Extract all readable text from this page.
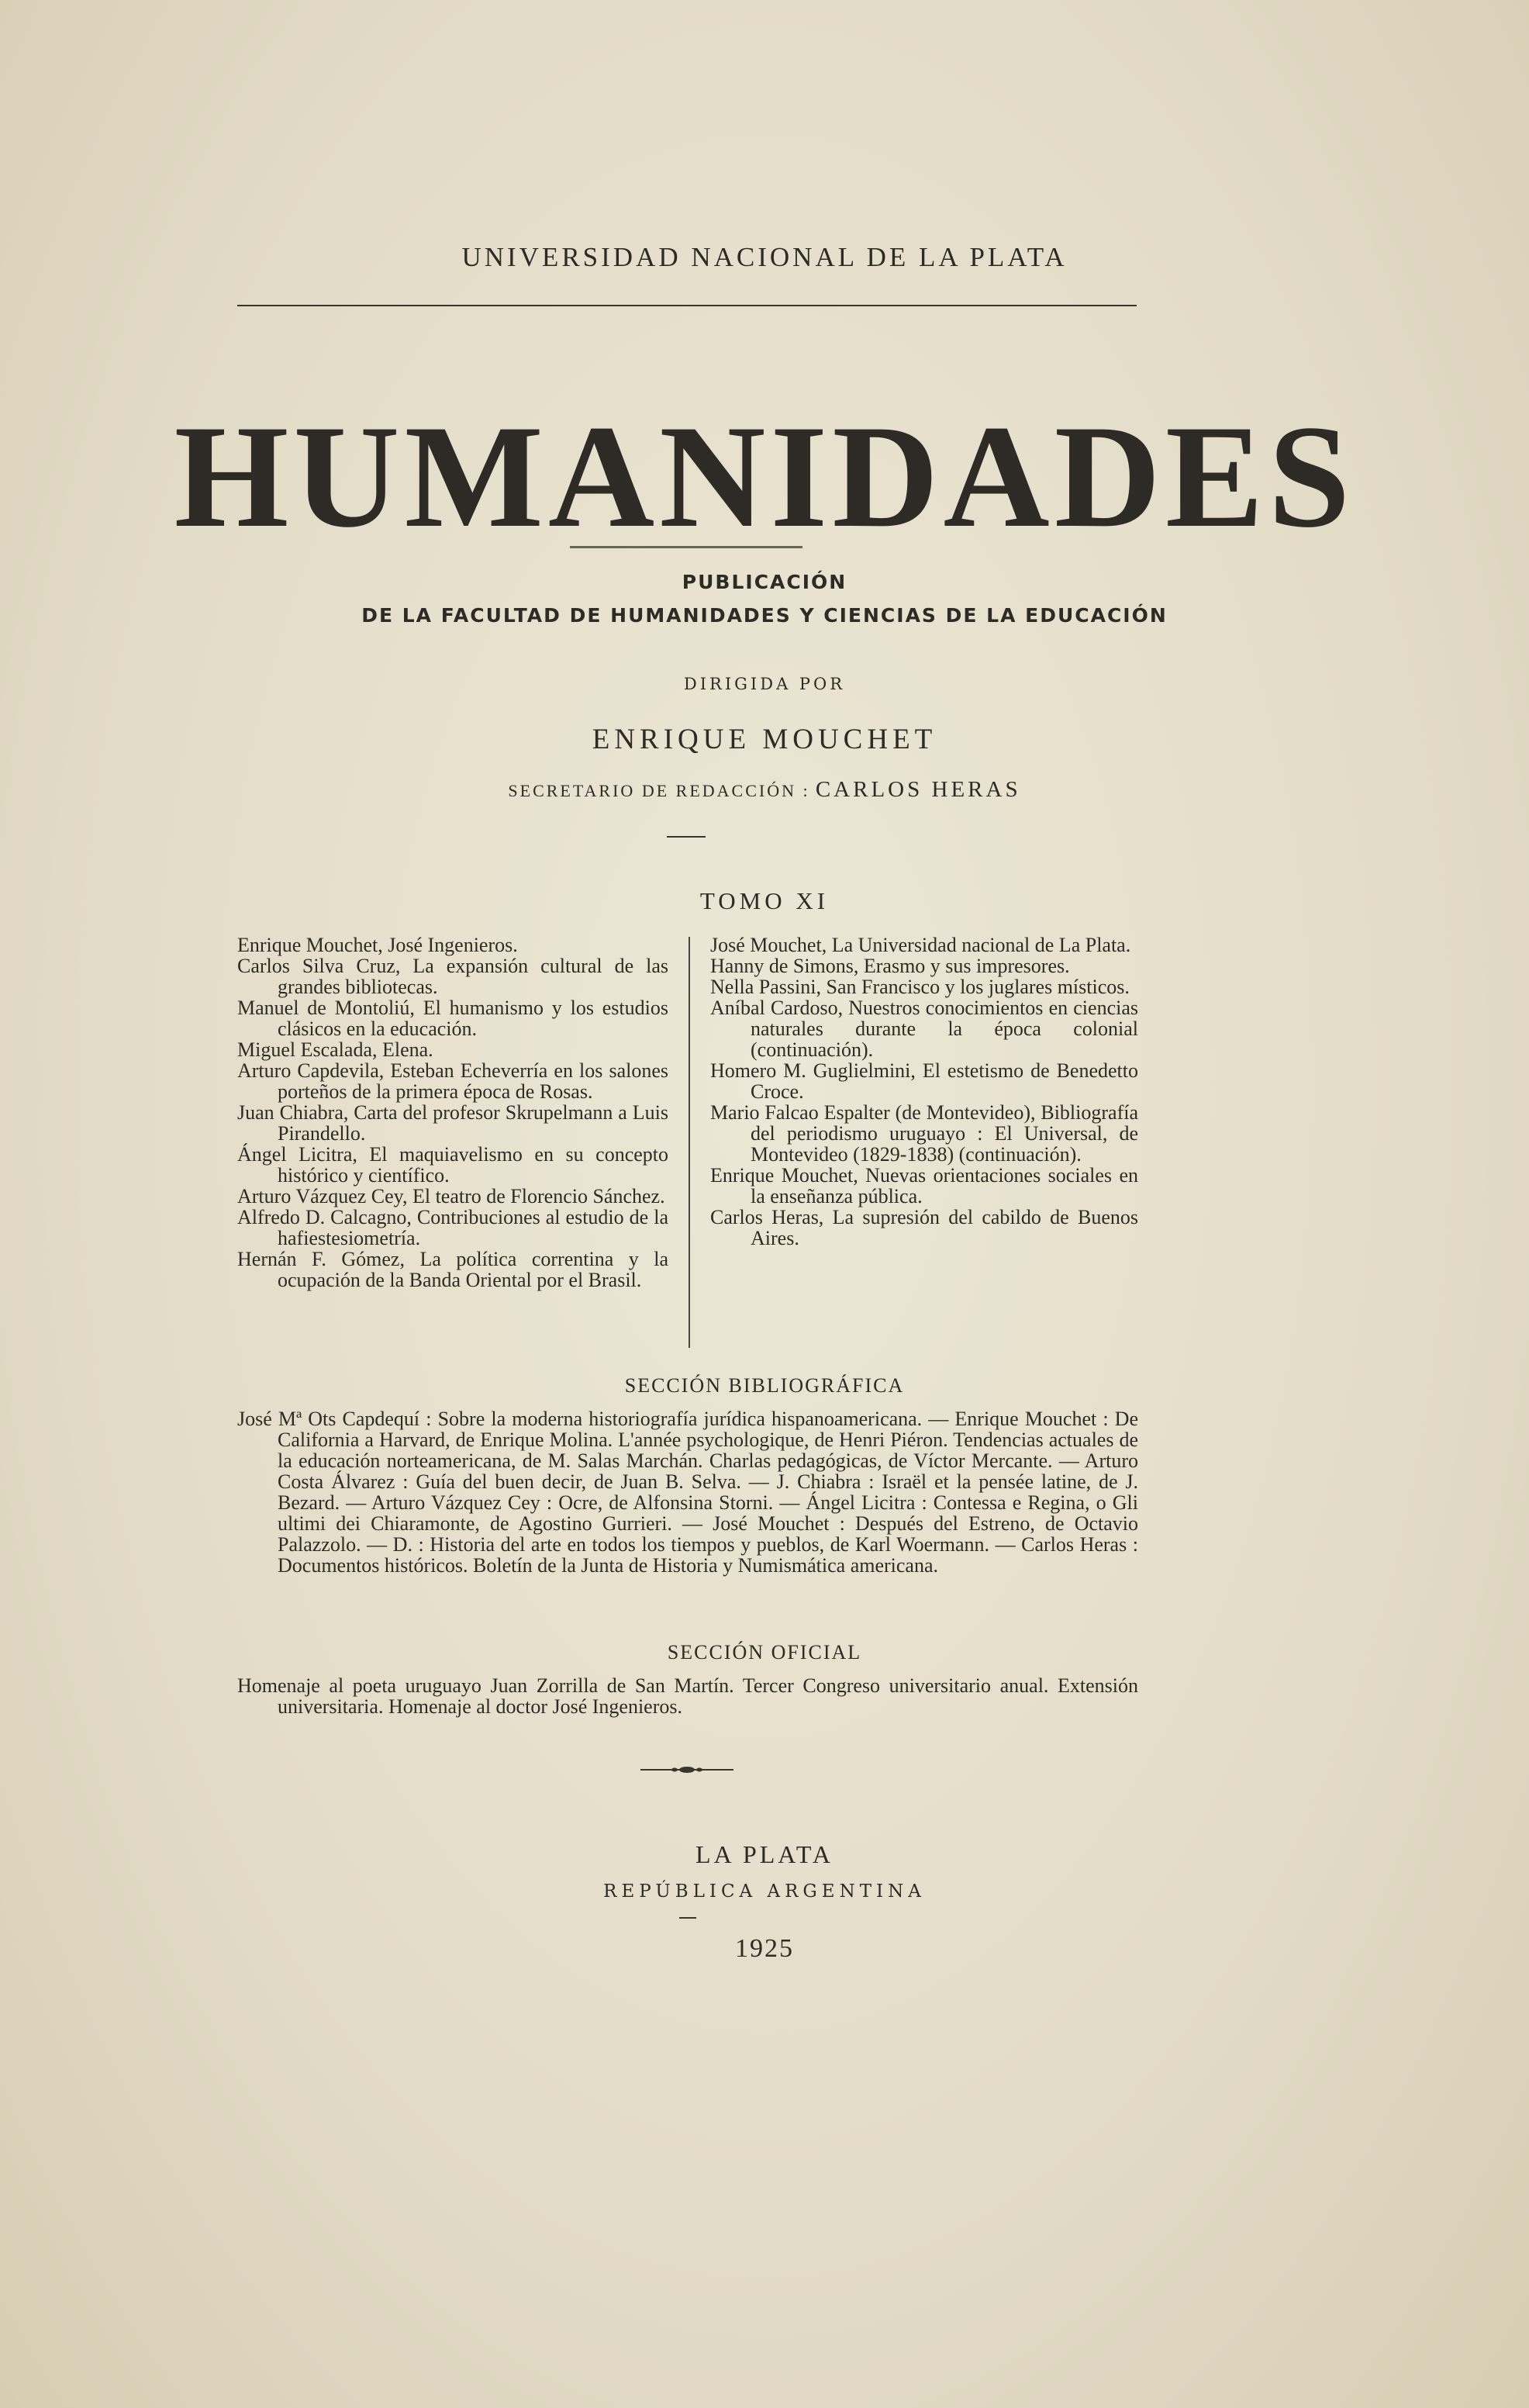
UNIVERSIDAD NACIONAL DE LA PLATA
HUMANIDADES
PUBLICACIÓN
DE LA FACULTAD DE HUMANIDADES Y CIENCIAS DE LA EDUCACIÓN
DIRIGIDA POR
ENRIQUE MOUCHET
SECRETARIO DE REDACCIÓN : CARLOS HERAS
TOMO XI

Enrique Mouchet, José Ingenieros.

Carlos Silva Cruz, La expansión cultural de las grandes bibliotecas.

Manuel de Montoliú, El humanismo y los estudios clásicos en la educación.

Miguel Escalada, Elena.

Arturo Capdevila, Esteban Echeverría en los salones porteños de la primera época de Rosas.

Juan Chiabra, Carta del profesor Skrupelmann a Luis Pirandello.

Ángel Licitra, El maquiavelismo en su concepto histórico y científico.

Arturo Vázquez Cey, El teatro de Florencio Sánchez.

Alfredo D. Calcagno, Contribuciones al estudio de la hafiestesiometría.

Hernán F. Gómez, La política correntina y la ocupación de la Banda Oriental por el Brasil.

José Mouchet, La Universidad nacional de La Plata.

Hanny de Simons, Erasmo y sus impresores.

Nella Passini, San Francisco y los juglares místicos.

Aníbal Cardoso, Nuestros conocimientos en ciencias naturales durante la época colonial (continuación).

Homero M. Guglielmini, El estetismo de Benedetto Croce.

Mario Falcao Espalter (de Montevideo), Bibliografía del periodismo uruguayo : El Universal, de Montevideo (1829-1838) (continuación).

Enrique Mouchet, Nuevas orientaciones sociales en la enseñanza pública.

Carlos Heras, La supresión del cabildo de Buenos Aires.

SECCIÓN BIBLIOGRÁFICA

José Mª Ots Capdequí : Sobre la moderna historiografía jurídica hispanoamericana. — Enrique Mouchet : De California a Harvard, de Enrique Molina. L'année psychologique, de Henri Piéron. Tendencias actuales de la educación norteamericana, de M. Salas Marchán. Charlas pedagógicas, de Víctor Mercante. — Arturo Costa Álvarez : Guía del buen decir, de Juan B. Selva. — J. Chiabra : Israël et la pensée latine, de J. Bezard. — Arturo Vázquez Cey : Ocre, de Alfonsina Storni. — Ángel Licitra : Contessa e Regina, o Gli ultimi dei Chiaramonte, de Agostino Gurrieri. — José Mouchet : Después del Estreno, de Octavio Palazzolo. — D. : Historia del arte en todos los tiempos y pueblos, de Karl Woermann. — Carlos Heras : Documentos históricos. Boletín de la Junta de Historia y Numismática americana.

SECCIÓN OFICIAL

Homenaje al poeta uruguayo Juan Zorrilla de San Martín. Tercer Congreso universitario anual. Extensión universitaria. Homenaje al doctor José Ingenieros.

LA PLATA
REPÚBLICA ARGENTINA
1925
